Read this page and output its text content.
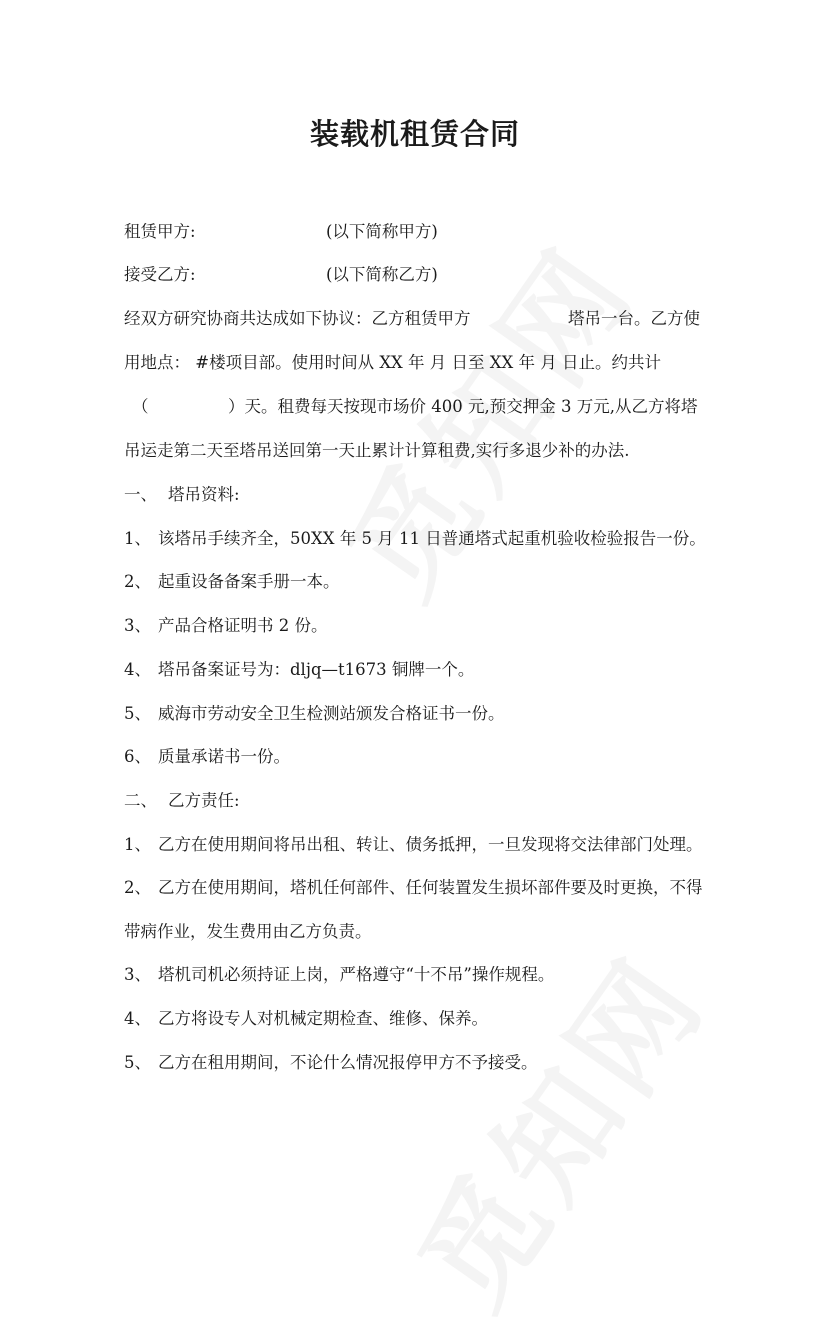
装载机租赁合同
租赁甲方:	(以下简称甲方)
接受乙方:	(以下简称乙方)
经双方研究协商共达成如下协议：乙方租赁甲方	塔吊一台。乙方使
用地点： #楼项目部。使用时间从 XX 年 月 日至 XX 年 月 日止。约共计
（	）天。租费每天按现市场价 400 元,预交押金 3 万元,从乙方将塔
吊运走第二天至塔吊送回第一天止累计计算租费,实行多退少补的办法.
一、 塔吊资料:
1、 该塔吊手续齐全，50XX 年 5 月 11 日普通塔式起重机验收检验报告一份。
2、 起重设备备案手册一本。
3、 产品合格证明书 2 份。
4、 塔吊备案证号为：dljq—t1673 铜牌一个。
5、 威海市劳动安全卫生检测站颁发合格证书一份。
6、 质量承诺书一份。
二、 乙方责任:
1、 乙方在使用期间将吊出租、转让、债务抵押，一旦发现将交法律部门处理。
2、 乙方在使用期间，塔机任何部件、任何装置发生损坏部件要及时更换，不得
带病作业，发生费用由乙方负责。
3、 塔机司机必须持证上岗，严格遵守“十不吊”操作规程。
4、 乙方将设专人对机械定期检查、维修、保养。
5、 乙方在租用期间，不论什么情况报停甲方不予接受。
